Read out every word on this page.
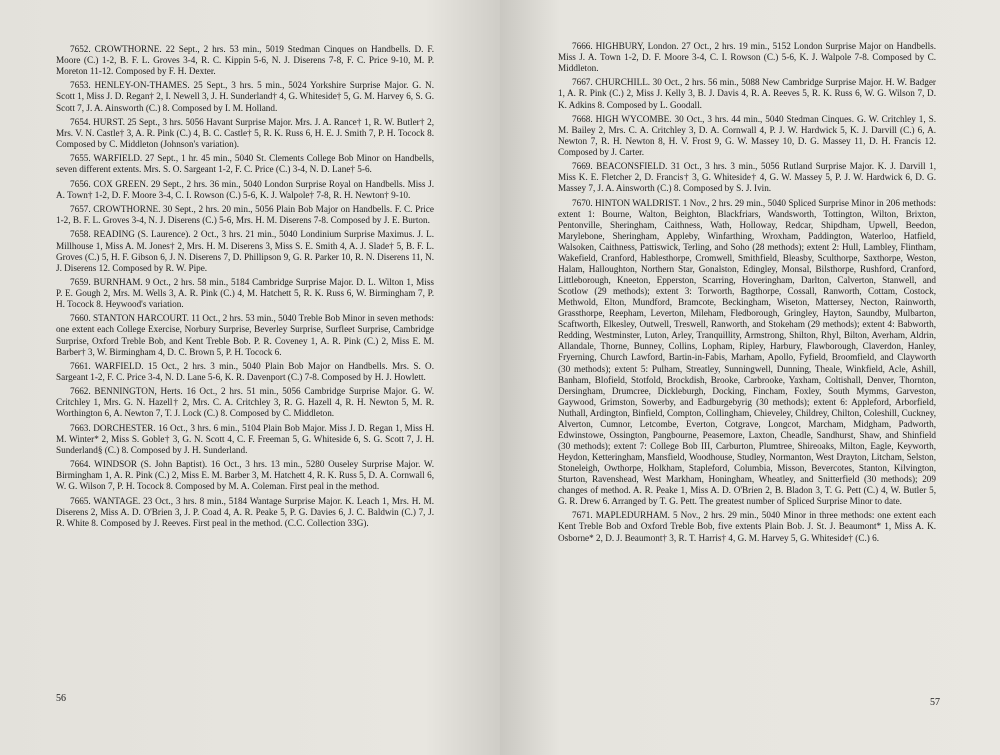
7652. CROWTHORNE. 22 Sept., 2 hrs. 53 min., 5019 Stedman Cinques on Handbells. D. F. Moore (C.) 1-2, B. F. L. Groves 3-4, R. C. Kippin 5-6, N. J. Diserens 7-8, F. C. Price 9-10, M. P. Moreton 11-12. Composed by F. H. Dexter.

7653. HENLEY-ON-THAMES. 25 Sept., 3 hrs. 5 min., 5024 Yorkshire Surprise Major. G. N. Scott 1, Miss J. D. Regan† 2, I. Newell 3, J. H. Sunderland† 4, G. Whiteside† 5, G. M. Harvey 6, S. G. Scott 7, J. A. Ainsworth (C.) 8. Composed by I. M. Holland.

7654. HURST. 25 Sept., 3 hrs. 5056 Havant Surprise Major. Mrs. J. A. Rance† 1, R. W. Butler† 2, Mrs. V. N. Castle† 3, A. R. Pink (C.) 4, B. C. Castle† 5, R. K. Russ 6, H. E. J. Smith 7, P. H. Tocock 8. Composed by C. Middleton (Johnson's variation).

7655. WARFIELD. 27 Sept., 1 hr. 45 min., 5040 St. Clements College Bob Minor on Handbells, seven different extents. Mrs. S. O. Sargeant 1-2, F. C. Price (C.) 3-4, N. D. Lane† 5-6.

7656. COX GREEN. 29 Sept., 2 hrs. 36 min., 5040 London Surprise Royal on Handbells. Miss J. A. Town† 1-2, D. F. Moore 3-4, C. I. Rowson (C.) 5-6, K. J. Walpole† 7-8, R. H. Newton† 9-10.

7657. CROWTHORNE. 30 Sept., 2 hrs. 20 min., 5056 Plain Bob Major on Handbells. F. C. Price 1-2, B. F. L. Groves 3-4, N. J. Diserens (C.) 5-6, Mrs. H. M. Diserens 7-8. Composed by J. E. Burton.

7658. READING (S. Laurence). 2 Oct., 3 hrs. 21 min., 5040 Londinium Surprise Maximus. J. L. Millhouse 1, Miss A. M. Jones† 2, Mrs. H. M. Diserens 3, Miss S. E. Smith 4, A. J. Slade† 5, B. F. L. Groves (C.) 5, H. F. Gibson 6, J. N. Diserens 7, D. Phillipson 9, G. R. Parker 10, R. N. Diserens 11, N. J. Diserens 12. Composed by R. W. Pipe.

7659. BURNHAM. 9 Oct., 2 hrs. 58 min., 5184 Cambridge Surprise Major. D. L. Wilton 1, Miss P. E. Gough 2, Mrs. M. Wells 3, A. R. Pink (C.) 4, M. Hatchett 5, R. K. Russ 6, W. Birmingham 7, P. H. Tocock 8. Heywood's variation.

7660. STANTON HARCOURT. 11 Oct., 2 hrs. 53 min., 5040 Treble Bob Minor in seven methods: one extent each College Exercise, Norbury Surprise, Beverley Surprise, Surfleet Surprise, Cambridge Surprise, Oxford Treble Bob, and Kent Treble Bob. P. R. Coveney 1, A. R. Pink (C.) 2, Miss E. M. Barber† 3, W. Birmingham 4, D. C. Brown 5, P. H. Tocock 6.

7661. WARFIELD. 15 Oct., 2 hrs. 3 min., 5040 Plain Bob Major on Handbells. Mrs. S. O. Sargeant 1-2, F. C. Price 3-4, N. D. Lane 5-6, K. R. Davenport (C.) 7-8. Composed by H. J. Howlett.

7662. BENNINGTON, Herts. 16 Oct., 2 hrs. 51 min., 5056 Cambridge Surprise Major. G. W. Critchley 1, Mrs. G. N. Hazell† 2, Mrs. C. A. Critchley 3, R. G. Hazell 4, R. H. Newton 5, M. R. Worthington 6, A. Newton 7, T. J. Lock (C.) 8. Composed by C. Middleton.

7663. DORCHESTER. 16 Oct., 3 hrs. 6 min., 5104 Plain Bob Major. Miss J. D. Regan 1, Miss H. M. Winter* 2, Miss S. Goble† 3, G. N. Scott 4, C. F. Freeman 5, G. Whiteside 6, S. G. Scott 7, J. H. Sunderland§ (C.) 8. Composed by J. H. Sunderland.

7664. WINDSOR (S. John Baptist). 16 Oct., 3 hrs. 13 min., 5280 Ouseley Surprise Major. W. Birmingham 1, A. R. Pink (C.) 2, Miss E. M. Barber 3, M. Hatchett 4, R. K. Russ 5, D. A. Cornwall 6, W. G. Wilson 7, P. H. Tocock 8. Composed by M. A. Coleman. First peal in the method.

7665. WANTAGE. 23 Oct., 3 hrs. 8 min., 5184 Wantage Surprise Major. K. Leach 1, Mrs. H. M. Diserens 2, Miss A. D. O'Brien 3, J. P. Coad 4, A. R. Peake 5, P. G. Davies 6, J. C. Baldwin (C.) 7, J. R. White 8. Composed by J. Reeves. First peal in the method. (C.C. Collection 33G).

56

7666. HIGHBURY, London. 27 Oct., 2 hrs. 19 min., 5152 London Surprise Major on Handbells. Miss J. A. Town 1-2, D. F. Moore 3-4, C. I. Rowson (C.) 5-6, K. J. Walpole 7-8. Composed by C. Middleton.

7667. CHURCHILL. 30 Oct., 2 hrs. 56 min., 5088 New Cambridge Surprise Major. H. W. Badger 1, A. R. Pink (C.) 2, Miss J. Kelly 3, B. J. Davis 4, R. A. Reeves 5, R. K. Russ 6, W. G. Wilson 7, D. K. Adkins 8. Composed by L. Goodall.

7668. HIGH WYCOMBE. 30 Oct., 3 hrs. 44 min., 5040 Stedman Cinques. G. W. Critchley 1, S. M. Bailey 2, Mrs. C. A. Critchley 3, D. A. Cornwall 4, P. J. W. Hardwick 5, K. J. Darvill (C.) 6, A. Newton 7, R. H. Newton 8, H. V. Frost 9, G. W. Massey 10, D. G. Massey 11, D. H. Francis 12. Composed by J. Carter.

7669. BEACONSFIELD. 31 Oct., 3 hrs. 3 min., 5056 Rutland Surprise Major. K. J. Darvill 1, Miss K. E. Fletcher 2, D. Francis† 3, G. Whiteside† 4, G. W. Massey 5, P. J. W. Hardwick 6, D. G. Massey 7, J. A. Ainsworth (C.) 8. Composed by S. J. Ivin.

7670. HINTON WALDRIST. 1 Nov., 2 hrs. 29 min., 5040 Spliced Surprise Minor in 206 methods: extent 1: Bourne, Walton, Beighton, Blackfriars, Wandsworth, Tottington, Wilton, Brixton, Pentonville, Sheringham, Caithness, Wath, Holloway, Redcar, Shipdham, Upwell, Beedon, Marylebone, Sheringham, Appleby, Winfarthing, Wroxham, Paddington, Waterloo, Hatfield, Walsoken, Caithness, Pattiswick, Terling, and Soho (28 methods); extent 2: Hull, Lambley, Flintham, Wakefield, Cranford, Hablesthorpe, Cromwell, Smithfield, Bleasby, Sculthorpe, Saxthorpe, Weston, Halam, Halloughton, Northern Star, Gonalston, Edingley, Monsal, Bilsthorpe, Rushford, Cranford, Littleborough, Kneeton, Epperston, Scarring, Hoveringham, Darlton, Calverton, Stanwell, and Scotlow (29 methods); extent 3: Torworth, Bagthorpe, Cossall, Ranworth, Cottam, Costock, Methwold, Elton, Mundford, Bramcote, Beckingham, Wiseton, Mattersey, Necton, Rainworth, Grassthorpe, Reepham, Leverton, Mileham, Fledborough, Gringley, Hayton, Saundby, Mulbarton, Scaftworth, Elkesley, Outwell, Treswell, Ranworth, and Stokeham (29 methods); extent 4: Babworth, Redding, Westminster, Luton, Arley, Tranquillity, Armstrong, Shilton, Rhyl, Bilton, Averham, Aldrin, Allandale, Thorne, Bunney, Collins, Lopham, Ripley, Harbury, Flawborough, Claverdon, Hanley, Fryerning, Church Lawford, Bartin-in-Fabis, Marham, Apollo, Fyfield, Broomfield, and Clayworth (30 methods); extent 5: Pulham, Streatley, Sunningwell, Dunning, Theale, Winkfield, Acle, Ashill, Banham, Blofield, Stotfold, Brockdish, Brooke, Carbrooke, Yaxham, Coltishall, Denver, Thornton, Dersingham, Drumcree, Dickleburgh, Docking, Fincham, Foxley, South Mymms, Garveston, Gaywood, Grimston, Sowerby, and Eadburgebyrig (30 methods); extent 6: Appleford, Arborfield, Nuthall, Ardington, Binfield, Compton, Collingham, Chieveley, Childrey, Chilton, Coleshill, Cuckney, Alverton, Cumnor, Letcombe, Everton, Cotgrave, Longcot, Marcham, Midgham, Padworth, Edwinstowe, Ossington, Pangbourne, Peasemore, Laxton, Cheadle, Sandhurst, Shaw, and Shinfield (30 methods); extent 7: College Bob III, Carburton, Plumtree, Shireoaks, Milton, Eagle, Keyworth, Heydon, Ketteringham, Mansfield, Woodhouse, Studley, Normanton, West Drayton, Litcham, Selston, Stoneleigh, Owthorpe, Holkham, Stapleford, Columbia, Misson, Bevercotes, Stanton, Kilvington, Sturton, Ravenshead, West Markham, Honingham, Wheatley, and Snitterfield (30 methods); 209 changes of method. A. R. Peake 1, Miss A. D. O'Brien 2, B. Bladon 3, T. G. Pett (C.) 4, W. Butler 5, G. R. Drew 6. Arranged by T. G. Pett. The greatest number of Spliced Surprise Minor to date.

7671. MAPLEDURHAM. 5 Nov., 2 hrs. 29 min., 5040 Minor in three methods: one extent each Kent Treble Bob and Oxford Treble Bob, five extents Plain Bob. J. St. J. Beaumont* 1, Miss A. K. Osborne* 2, D. J. Beaumont† 3, R. T. Harris† 4, G. M. Harvey 5, G. Whiteside† (C.) 6.

57
